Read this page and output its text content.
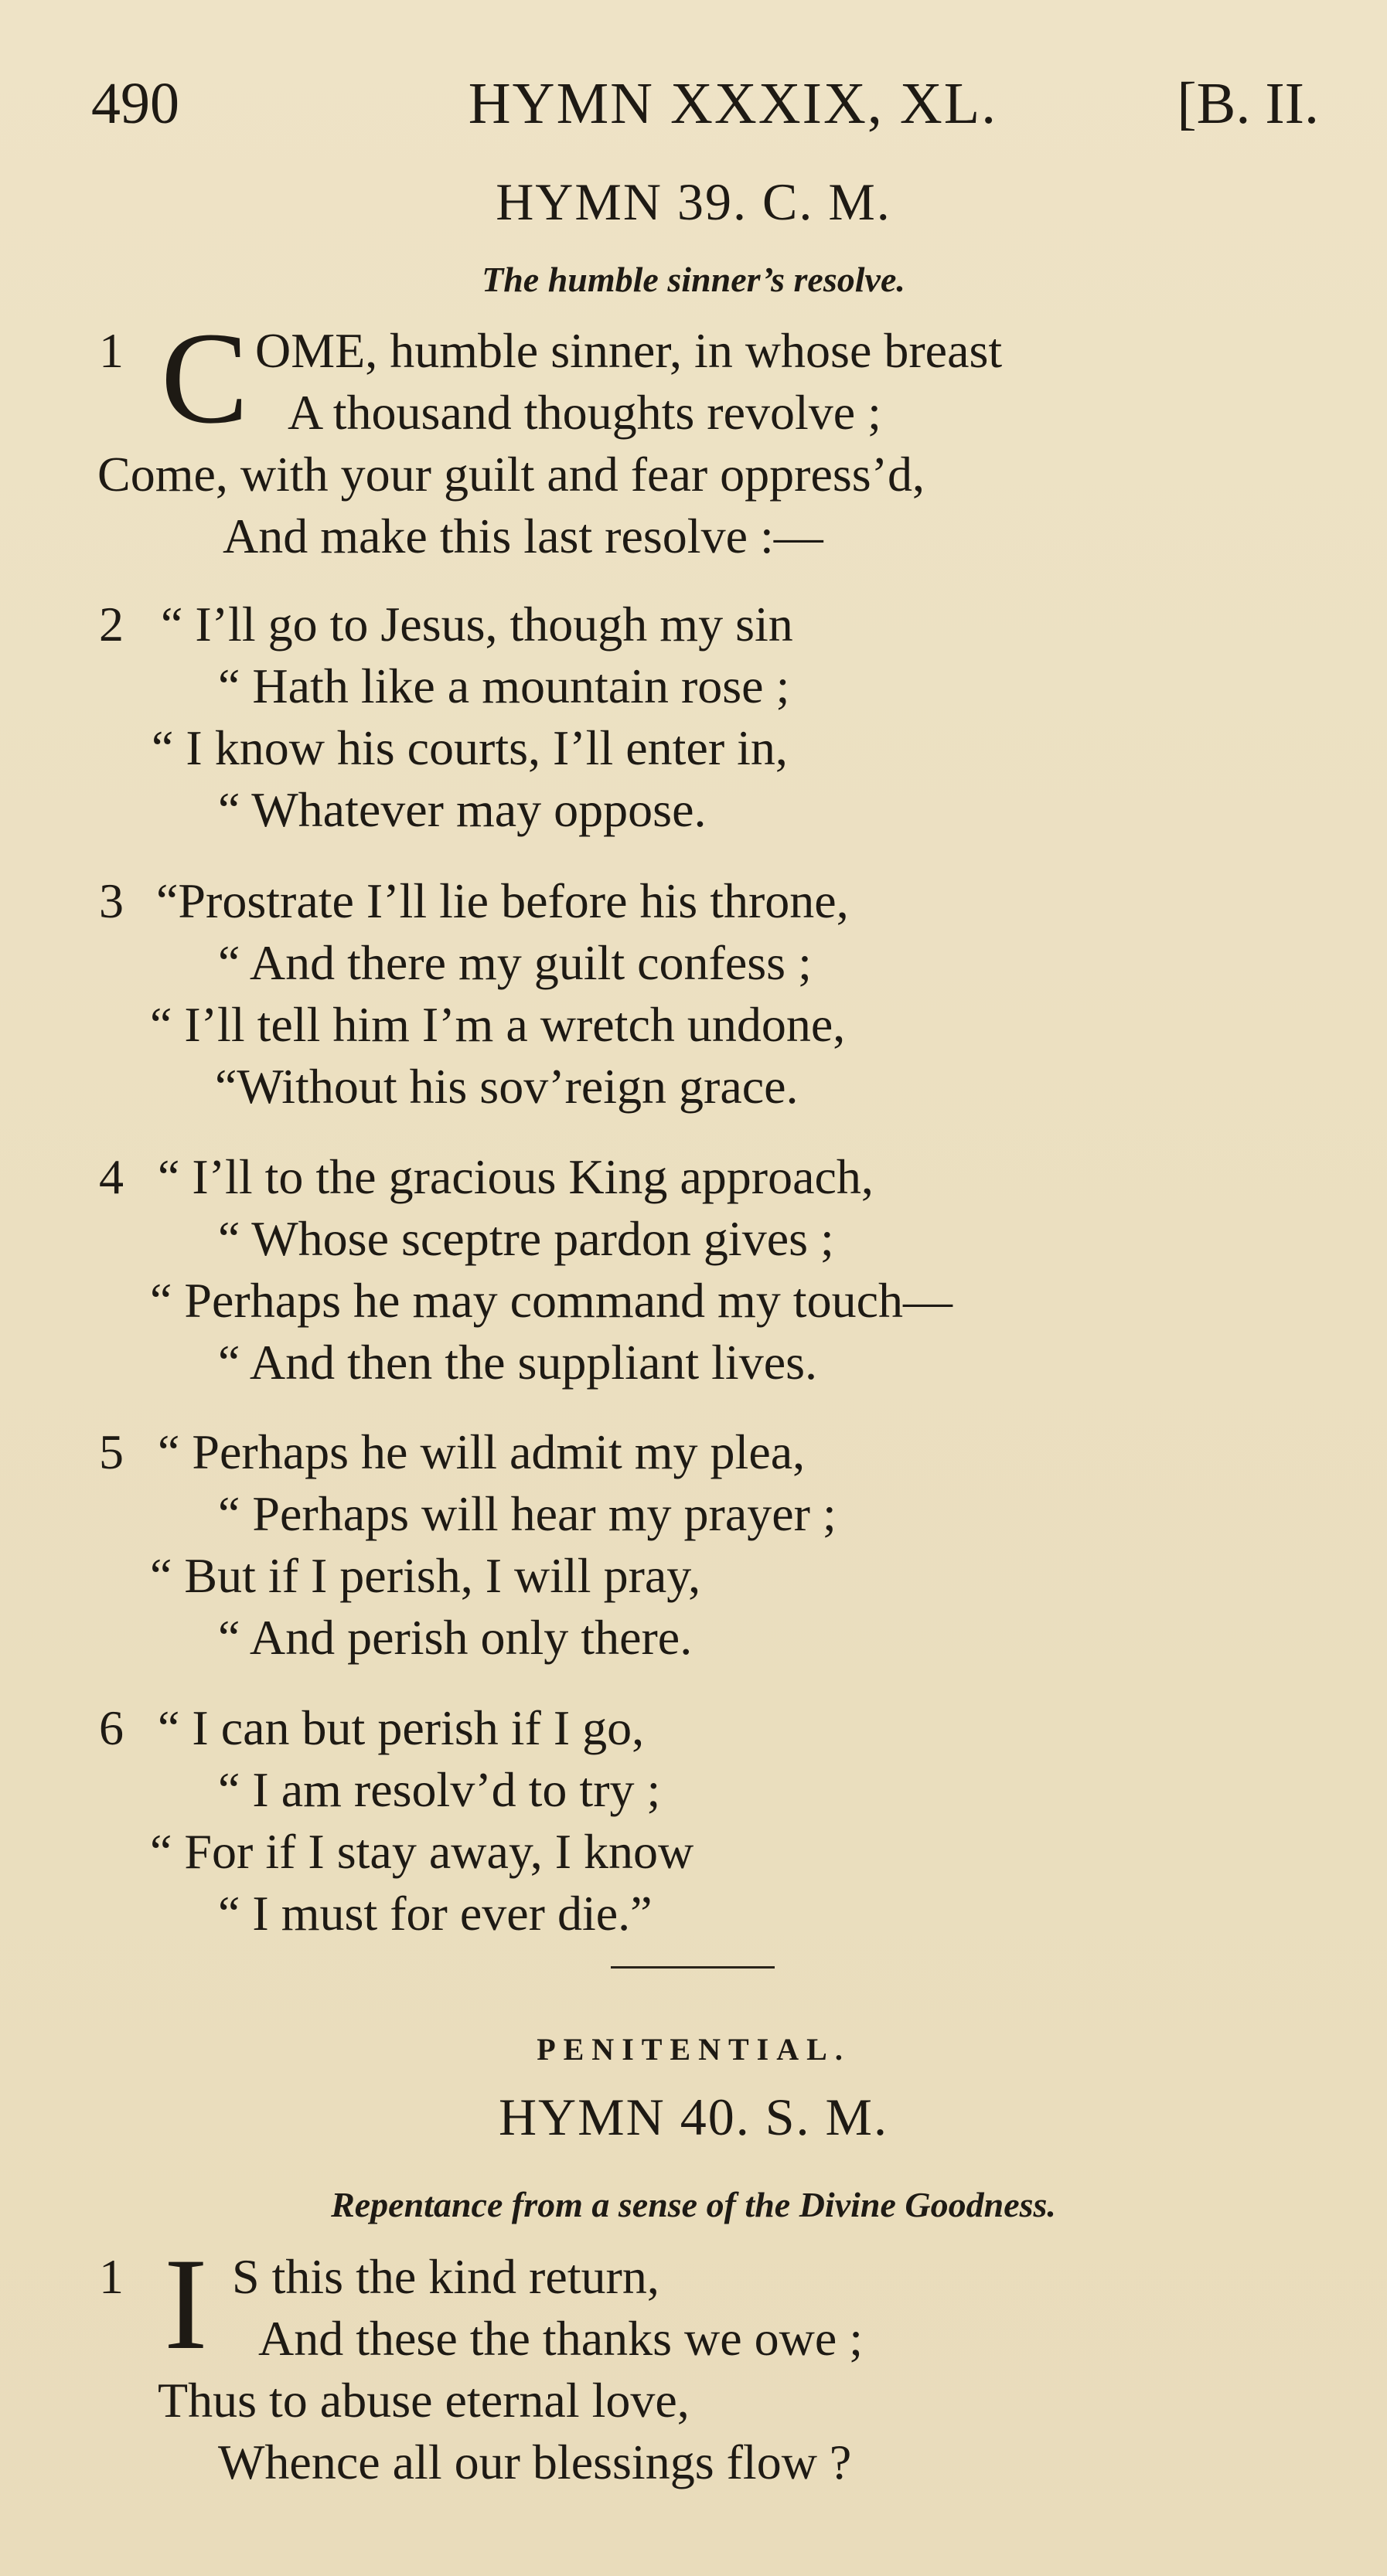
490	HYMN XXXIX, XL.	[B. II.
HYMN 39. C. M.
The humble sinner’s resolve.
1 C OME, humble sinner, in whose breast
A thousand thoughts revolve ;
Come, with your guilt and fear oppress’d,
And make this last resolve :—
2 “ I’ll go to Jesus, though my sin
“ Hath like a mountain rose ;
“ I know his courts, I’ll enter in,
“ Whatever may oppose.
3 “Prostrate I’ll lie before his throne,
“ And there my guilt confess ;
“ I’ll tell him I’m a wretch undone,
“Without his sov’reign grace.
4 “ I’ll to the gracious King approach,
“ Whose sceptre pardon gives ;
“ Perhaps he may command my touch—
“ And then the suppliant lives.
5 “ Perhaps he will admit my plea,
“ Perhaps will hear my prayer ;
“ But if I perish, I will pray,
“ And perish only there.
6 “ I can but perish if I go,
“ I am resolv’d to try ;
“ For if I stay away, I know
“ I must for ever die.”
PENITENTIAL.
HYMN 40. S. M.
Repentance from a sense of the Divine Goodness.
1 I S this the kind return,
And these the thanks we owe ;
Thus to abuse eternal love,
Whence all our blessings flow ?
